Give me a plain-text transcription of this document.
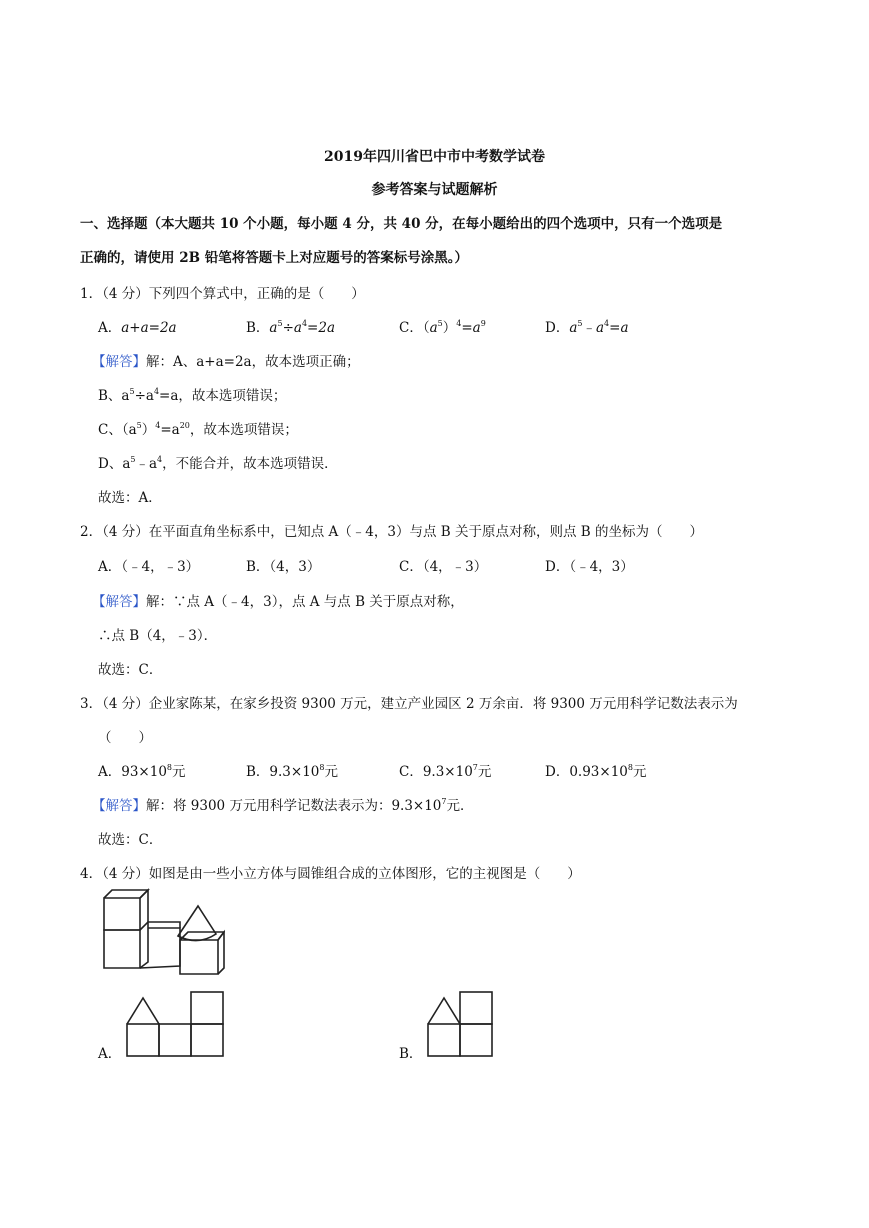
2019年四川省巴中市中考数学试卷
参考答案与试题解析
一、选择题（本大题共 10 个小题，每小题 4 分，共 40 分，在每小题给出的四个选项中，只有一个选项是
正确的，请使用 2B 铅笔将答题卡上对应题号的答案标号涂黑。）
1．（4 分）下列四个算式中，正确的是（　　）
A．a+a=2a	B．$a^5\div a^4=2a$	C．$(a^5)^4=a^9$	D．$a^5﹣a^4=a$
【解答】解：A、a+a=2a，故本选项正确；
B、$a^5\div a^4=a$，故本选项错误；
C、$(a^5)^4=a^{20}$，故本选项错误；
D、$a^5﹣a^4$，不能合并，故本选项错误．
故选：A．
2．（4 分）在平面直角坐标系中，已知点 A（﹣4，3）与点 B 关于原点对称，则点 B 的坐标为（　　）
A．（﹣4，﹣3）	B．（4，3）	C．（4，﹣3）	D．（﹣4，3）
【解答】解：∵点 A（﹣4，3），点 A 与点 B 关于原点对称，
∴点 B（4，﹣3）．
故选：C．
3．（4 分）企业家陈某，在家乡投资 9300 万元，建立产业园区 2 万余亩．将 9300 万元用科学记数法表示为
（　　）
A．$93\times 10^8$元	B．$9.3\times 10^8$元	C．$9.3\times 10^7$元	D．$0.93\times 10^8$元
【解答】解：将 9300 万元用科学记数法表示为：$9.3\times 10^7$元．
故选：C．
4．（4 分）如图是由一些小立方体与圆锥组合成的立体图形，它的主视图是（　　）
A．	B．
